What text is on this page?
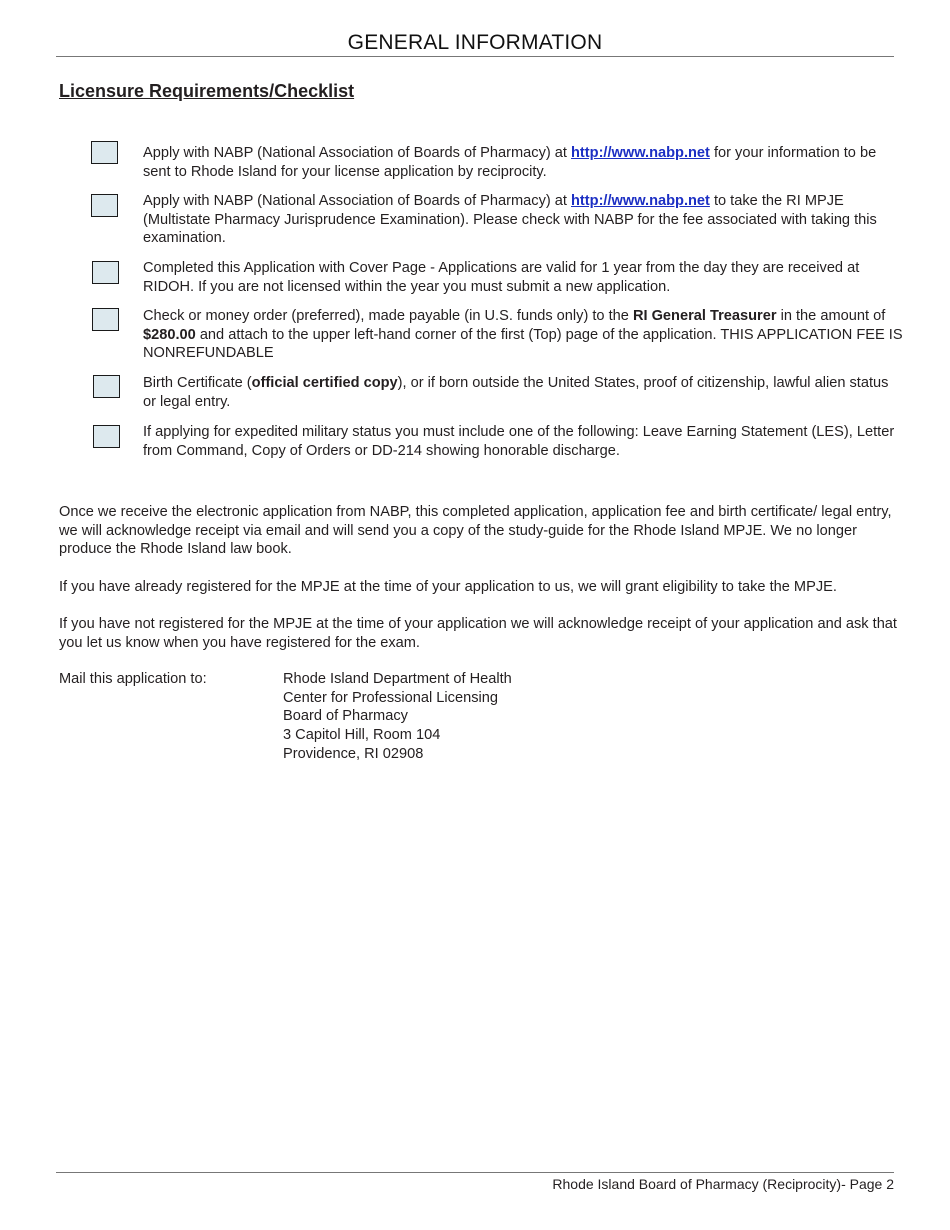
GENERAL INFORMATION
Licensure Requirements/Checklist
Apply with NABP (National Association of Boards of Pharmacy) at http://www.nabp.net for your information to be sent to Rhode Island for your license application by reciprocity.
Apply with NABP (National Association of Boards of Pharmacy) at http://www.nabp.net to take the RI MPJE (Multistate Pharmacy Jurisprudence Examination). Please check with NABP for the fee associated with taking this examination.
Completed this Application with Cover Page - Applications are valid for 1 year from the day they are received at RIDOH. If you are not licensed within the year you must submit a new application.
Check or money order (preferred), made payable (in U.S. funds only) to the RI General Treasurer in the amount of $280.00 and attach to the upper left-hand corner of the first (Top) page of the application. THIS APPLICATION FEE IS NONREFUNDABLE
Birth Certificate (official certified copy), or if born outside the United States, proof of citizenship, lawful alien status or legal entry.
If applying for expedited military status you must include one of the following: Leave Earning Statement (LES), Letter from Command, Copy of Orders or DD-214 showing honorable discharge.
Once we receive the electronic application from NABP, this completed application, application fee and birth certificate/ legal entry, we will acknowledge receipt via email and will send you a copy of the study-guide for the Rhode Island MPJE. We no longer produce the Rhode Island law book.
If you have already registered for the MPJE at the time of your application to us, we will grant eligibility to take the MPJE.
If you have not registered for the MPJE at the time of your application we will acknowledge receipt of your application and ask that you let us know when you have registered for the exam.
Mail this application to:	Rhode Island Department of Health
Center for Professional Licensing
Board of Pharmacy
3 Capitol Hill, Room 104
Providence, RI 02908
Rhode Island Board of Pharmacy (Reciprocity)- Page 2
